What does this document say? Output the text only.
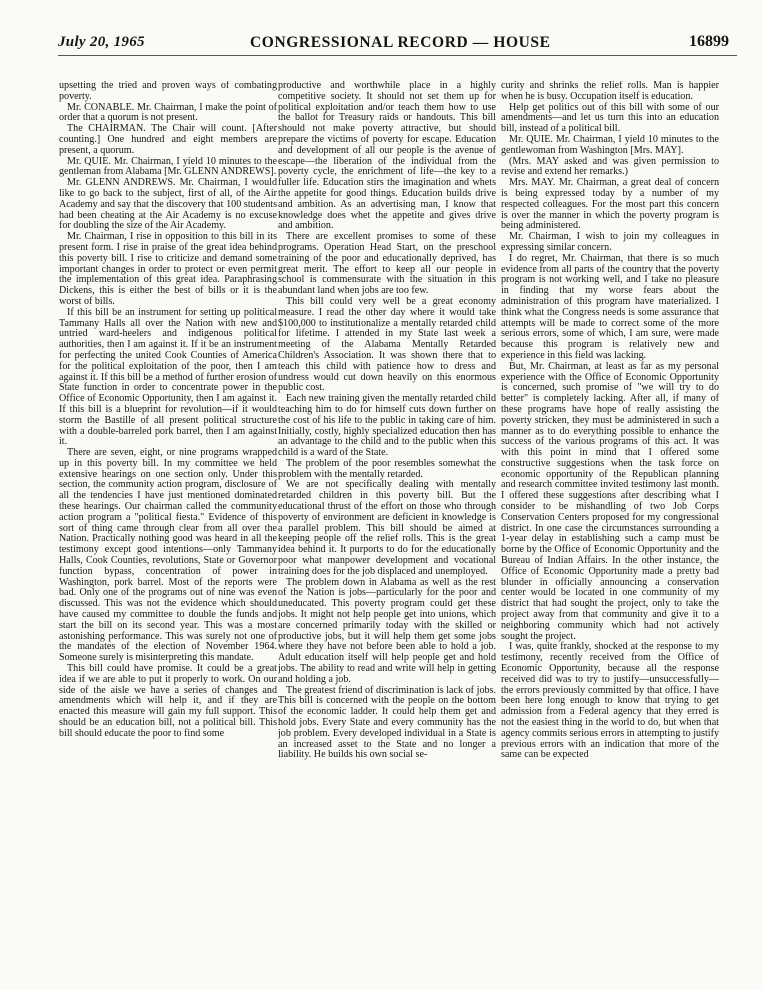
July 20, 1965	CONGRESSIONAL RECORD — HOUSE	16899

upsetting the tried and proven ways of combating poverty.

Mr. CONABLE. Mr. Chairman, I make the point of order that a quorum is not present.

The CHAIRMAN. The Chair will count. [After counting.] One hundred and eight members are present, a quorum.

Mr. QUIE. Mr. Chairman, I yield 10 minutes to the gentleman from Alabama [Mr. GLENN ANDREWS].

Mr. GLENN ANDREWS. Mr. Chairman, I would like to go back to the subject, first of all, of the Air Academy and say that the discovery that 100 students had been cheating at the Air Academy is no excuse for doubling the size of the Air Academy.

Mr. Chairman, I rise in opposition to this bill in its present form. I rise in praise of the great idea behind this poverty bill. I rise to criticize and demand some important changes in order to protect or even permit the implementation of this great idea. Paraphrasing Dickens, this is either the best of bills or it is the worst of bills.

If this bill be an instrument for setting up political Tammany Halls all over the Nation with new and untried ward-heelers and indigenous political authorities, then I am against it. If it be an instrument for perfecting the united Cook Counties of America for the political exploitation of the poor, then I am against it. If this bill be a method of further erosion of State function in order to concentrate power in the Office of Economic Opportunity, then I am against it. If this bill is a blueprint for revolution—if it would storm the Bastille of all present political structure with a double-barreled pork barrel, then I am against it.

There are seven, eight, or nine programs wrapped up in this poverty bill. In my committee we held extensive hearings on one section only. Under this section, the community action program, disclosure of all the tendencies I have just mentioned dominated these hearings. Our chairman called the community action program a "political fiesta." Evidence of this sort of thing came through clear from all over the Nation. Practically nothing good was heard in all the testimony except good intentions—only Tammany Halls, Cook Counties, revolutions, State or Governor function bypass, concentration of power in Washington, pork barrel. Most of the reports were bad. Only one of the programs out of nine was even discussed. This was not the evidence which should have caused my committee to double the funds and start the bill on its second year. This was a most astonishing performance. This was surely not one of the mandates of the election of November 1964. Someone surely is misinterpreting this mandate.

This bill could have promise. It could be a great idea if we are able to put it properly to work. On our side of the aisle we have a series of changes and amendments which will help it, and if they are enacted this measure will gain my full support. This should be an education bill, not a political bill. This bill should educate the poor to find some

productive and worthwhile place in a highly competitive society. It should not set them up for political exploitation and/or teach them how to use the ballot for Treasury raids or handouts. This bill should not make poverty attractive, but should prepare the victims of poverty for escape. Education and development of all our people is the avenue of escape—the liberation of the individual from the poverty cycle, the enrichment of life—the key to a fuller life. Education stirs the imagination and whets the appetite for good things. Education builds drive and ambition. As an advertising man, I know that knowledge does whet the appetite and gives drive and ambition.

There are excellent promises to some of these programs. Operation Head Start, on the preschool training of the poor and educationally deprived, has great merit. The effort to keep all our people in school is commensurate with the situation in this abundant land when jobs are too few.

This bill could very well be a great economy measure. I read the other day where it would take $100,000 to institutionalize a mentally retarded child for lifetime. I attended in my State last week a meeting of the Alabama Mentally Retarded Children's Association. It was shown there that to teach this child with patience how to dress and undress would cut down heavily on this enormous public cost.

Each new training given the mentally retarded child teaching him to do for himself cuts down further on the cost of his life to the public in taking care of him. Initially, costly, highly specialized education then has an advantage to the child and to the public when this child is a ward of the State.

The problem of the poor resembles somewhat the problem with the mentally retarded.

We are not specifically dealing with mentally retarded children in this poverty bill. But the educational thrust of the effort on those who through poverty of environment are deficient in knowledge is a parallel problem. This bill should be aimed at keeping people off the relief rolls. This is the great idea behind it. It purports to do for the educationally poor what manpower development and vocational training does for the job displaced and unemployed.

The problem down in Alabama as well as the rest of the Nation is jobs—particularly for the poor and uneducated. This poverty program could get these jobs. It might not help people get into unions, which are concerned primarily today with the skilled or productive jobs, but it will help them get some jobs where they have not before been able to hold a job. Adult education itself will help people get and hold jobs. The ability to read and write will help in getting and holding a job.

The greatest friend of discrimination is lack of jobs. This bill is concerned with the people on the bottom of the economic ladder. It could help them get and hold jobs. Every State and every community has the job problem. Every developed individual in a State is an increased asset to the State and no longer a liability. He builds his own social se-

curity and shrinks the relief rolls. Man is happier when he is busy. Occupation itself is education.

Help get politics out of this bill with some of our amendments—and let us turn this into an education bill, instead of a political bill.

Mr. QUIE. Mr. Chairman, I yield 10 minutes to the gentlewoman from Washington [Mrs. MAY].

(Mrs. MAY asked and was given permission to revise and extend her remarks.)

Mrs. MAY. Mr. Chairman, a great deal of concern is being expressed today by a number of my respected colleagues. For the most part this concern is over the manner in which the poverty program is being administered.

Mr. Chairman, I wish to join my colleagues in expressing similar concern.

I do regret, Mr. Chairman, that there is so much evidence from all parts of the country that the poverty program is not working well, and I take no pleasure in finding that my worse fears about the administration of this program have materialized. I think what the Congress needs is some assurance that attempts will be made to correct some of the more serious errors, some of which, I am sure, were made because this program is relatively new and experience in this field was lacking.

But, Mr. Chairman, at least as far as my personal experience with the Office of Economic Opportunity is concerned, such promise of "we will try to do better" is completely lacking. After all, if many of these programs have hope of really assisting the poverty stricken, they must be administered in such a manner as to do everything possible to enhance the success of the various programs of this act. It was with this point in mind that I offered some constructive suggestions when the task force on economic opportunity of the Republican planning and research committee invited testimony last month. I offered these suggestions after describing what I consider to be mishandling of two Job Corps Conservation Centers proposed for my congressional district. In one case the circumstances surrounding a 1-year delay in establishing such a camp must be borne by the Office of Economic Opportunity and the Bureau of Indian Affairs. In the other instance, the Office of Economic Opportunity made a pretty bad blunder in officially announcing a conservation center would be located in one community of my district that had sought the project, only to take the project away from that community and give it to a neighboring community which had not actively sought the project.

I was, quite frankly, shocked at the response to my testimony, recently received from the Office of Economic Opportunity, because all the response received did was to try to justify—unsuccessfully—the errors previously committed by that office. I have been here long enough to know that trying to get admission from a Federal agency that they erred is not the easiest thing in the world to do, but when that agency commits serious errors in attempting to justify previous errors with an indication that more of the same can be expected
